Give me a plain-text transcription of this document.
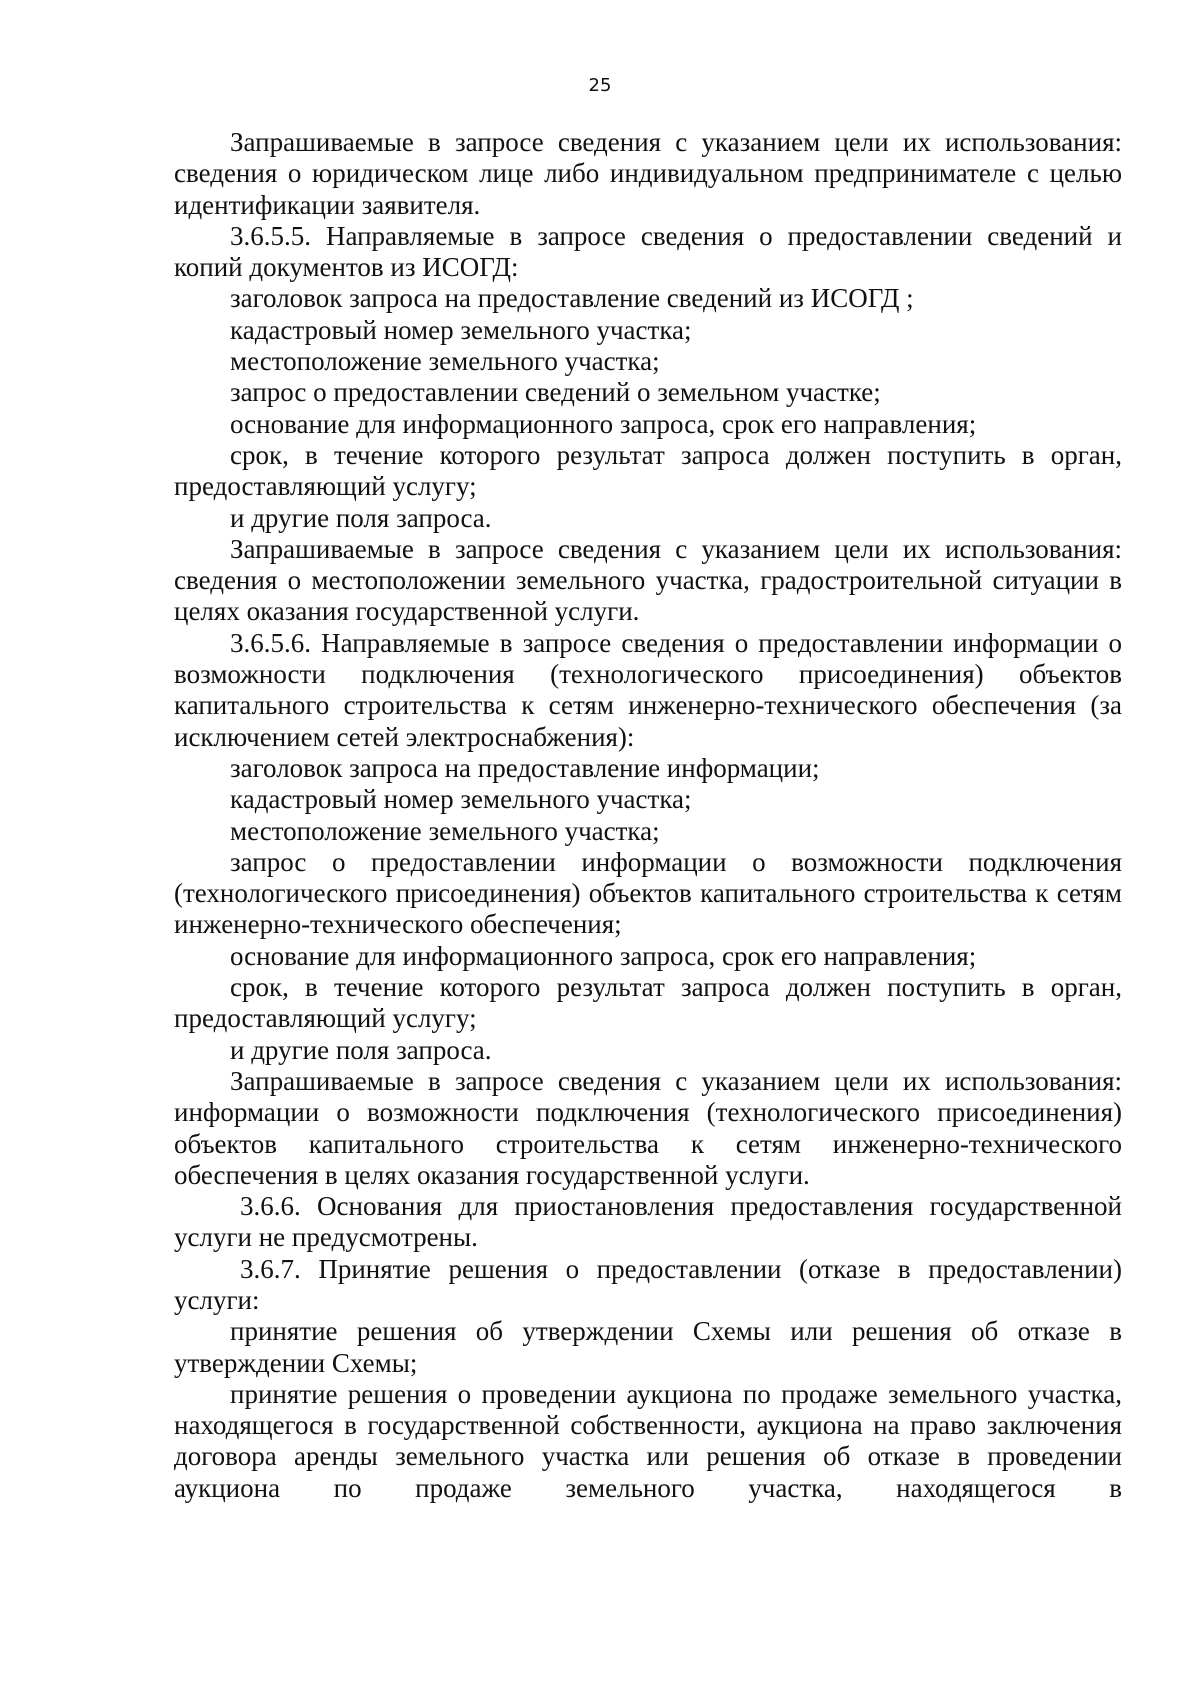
25

Запрашиваемые в запросе сведения с указанием цели их использования: сведения о юридическом лице либо индивидуальном предпринимателе с целью идентификации заявителя.

3.6.5.5. Направляемые в запросе сведения о предоставлении сведений и копий документов из ИСОГД:

заголовок запроса на предоставление сведений из ИСОГД ;

кадастровый номер земельного участка;

местоположение земельного участка;

запрос о предоставлении сведений о земельном участке;

основание для информационного запроса, срок его направления;

срок, в течение которого результат запроса должен поступить в орган, предоставляющий услугу;

и другие поля запроса.

Запрашиваемые в запросе сведения с указанием цели их использования: сведения о местоположении земельного участка, градостроительной ситуации в целях оказания государственной услуги.

3.6.5.6. Направляемые в запросе сведения о предоставлении информации о возможности подключения (технологического присоединения) объектов капитального строительства к сетям инженерно-технического обеспечения (за исключением сетей электроснабжения):

заголовок запроса на предоставление информации;

кадастровый номер земельного участка;

местоположение земельного участка;

запрос о предоставлении информации о возможности подключения (технологического присоединения) объектов капитального строительства к сетям инженерно-технического обеспечения;

основание для информационного запроса, срок его направления;

срок, в течение которого результат запроса должен поступить в орган, предоставляющий услугу;

и другие поля запроса.

Запрашиваемые в запросе сведения с указанием цели их использования: информации о возможности подключения (технологического присоединения) объектов капитального строительства к сетям инженерно-технического обеспечения в целях оказания государственной услуги.

3.6.6. Основания для приостановления предоставления государственной услуги не предусмотрены.

3.6.7. Принятие решения о предоставлении (отказе в предоставлении) услуги:

принятие решения об утверждении Схемы или решения об отказе в утверждении Схемы;

принятие решения о проведении аукциона по продаже земельного участка, находящегося в государственной собственности, аукциона на право заключения договора аренды земельного участка или решения об отказе в проведении аукциона по продаже земельного участка, находящегося в
